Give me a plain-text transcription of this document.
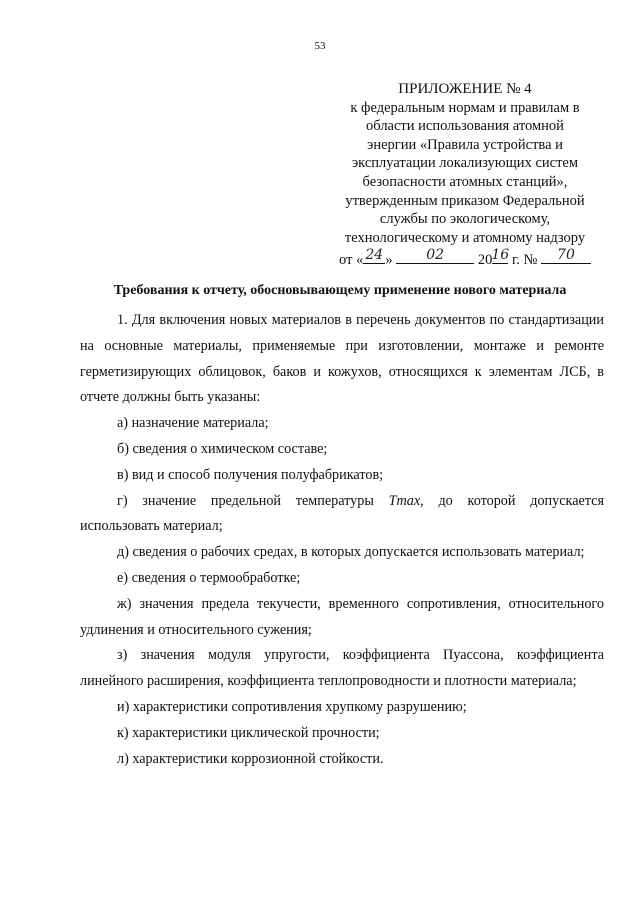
53
ПРИЛОЖЕНИЕ № 4
к федеральным нормам и правилам в
области использования атомной
энергии «Правила устройства и
эксплуатации локализующих систем
безопасности атомных станций»,
утвержденным приказом Федеральной
службы по экологическому,
технологическому и атомному надзору
от « 24 » 02 20 16 г. № 70
Требования к отчету, обосновывающему применение нового материала

1. Для включения новых материалов в перечень документов по стандартизации на основные материалы, применяемые при изготовлении, монтаже и ремонте герметизирующих облицовок, баков и кожухов, относящихся к элементам ЛСБ, в отчете должны быть указаны:

а) назначение материала;

б) сведения о химическом составе;

в) вид и способ получения полуфабрикатов;

г) значение предельной температуры Tmax, до которой допускается использовать материал;

д) сведения о рабочих средах, в которых допускается использовать материал;

е) сведения о термообработке;

ж) значения предела текучести, временного сопротивления, относительного удлинения и относительного сужения;

з) значения модуля упругости, коэффициента Пуассона, коэффициента линейного расширения, коэффициента теплопроводности и плотности материала;

и) характеристики сопротивления хрупкому разрушению;

к) характеристики циклической прочности;

л) характеристики коррозионной стойкости.
